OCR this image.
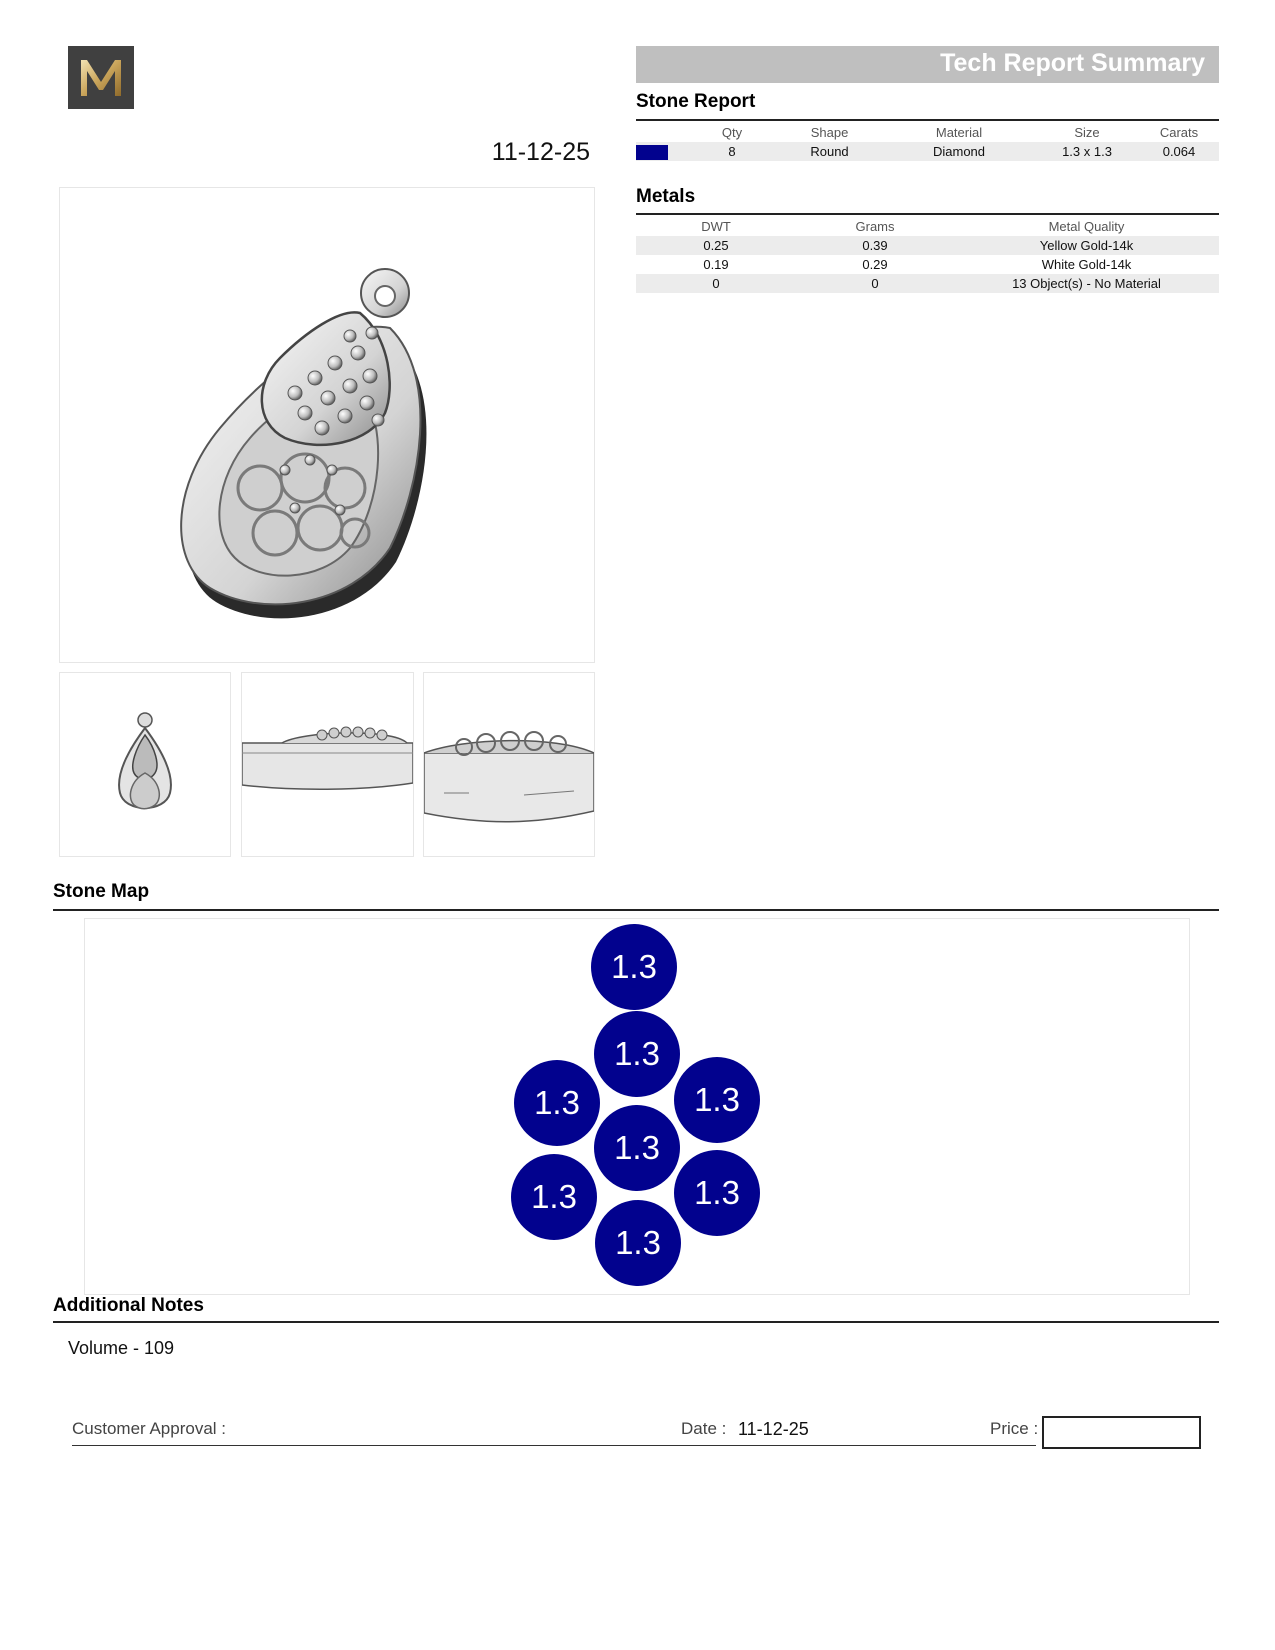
11-12-25
Tech Report Summary
Stone Report
	Qty	Shape	Material	Size	Carats
	8	Round	Diamond	1.3 x 1.3	0.064
Metals
DWT	Grams	Metal Quality
0.25	0.39	Yellow Gold-14k
0.19	0.29	White Gold-14k
0	0	13 Object(s) - No Material
Stone Map
1.3
1.3
1.3	1.3
1.3
1.3	1.3
1.3
Additional Notes
Volume - 109
Customer Approval :	Date : 11-12-25	Price :
